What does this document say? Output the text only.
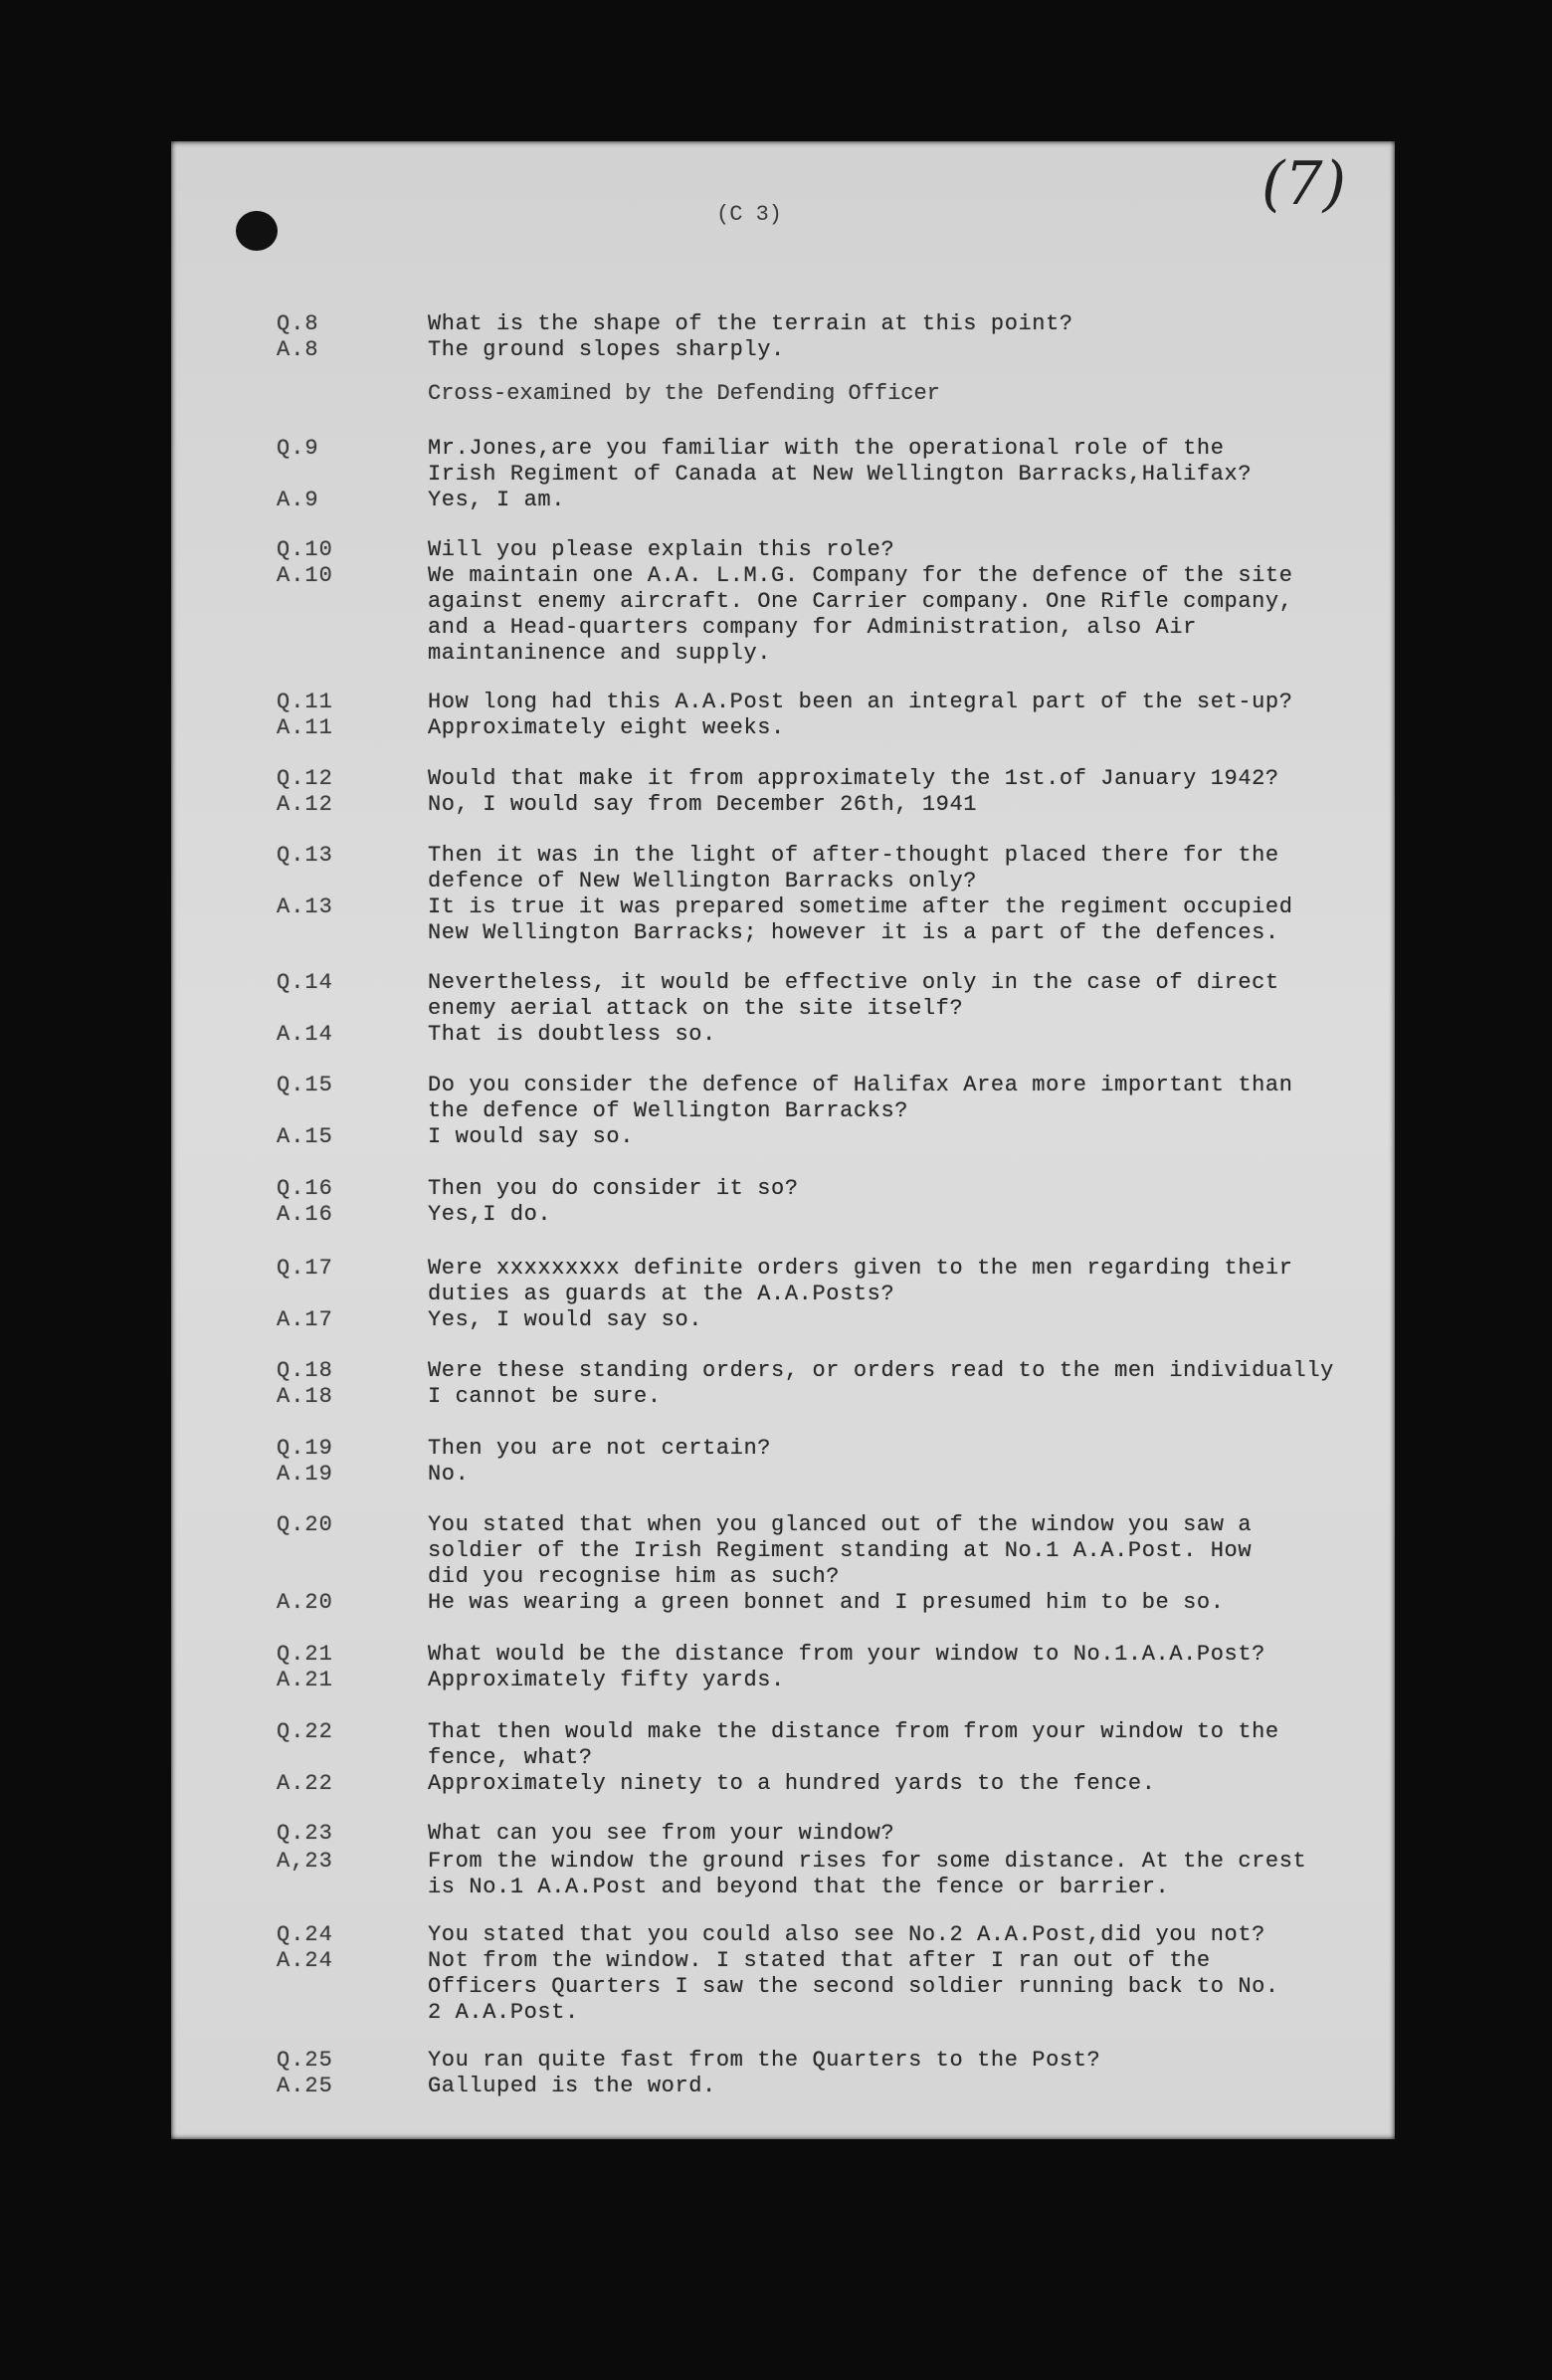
(C 3)	(7)
Q.8	What is the shape of the terrain at this point?
A.8	The ground slopes sharply.
Cross-examined by the Defending Officer
Q.9	Mr.Jones,are you familiar with the operational role of the
Irish Regiment of Canada at New Wellington Barracks,Halifax?
A.9	Yes, I am.
Q.10	Will you please explain this role?
A.10	We maintain one A.A. L.M.G. Company for the defence of the site
against enemy aircraft. One Carrier company. One Rifle company,
and a Head-quarters company for Administration, also Air
maintaninence and supply.
Q.11	How long had this A.A.Post been an integral part of the set-up?
A.11	Approximately eight weeks.
Q.12	Would that make it from approximately the 1st.of January 1942?
A.12	No, I would say from December 26th, 1941
Q.13	Then it was in the light of after-thought placed there for the
defence of New Wellington Barracks only?
A.13	It is true it was prepared sometime after the regiment occupied
New Wellington Barracks; however it is a part of the defences.
Q.14	Nevertheless, it would be effective only in the case of direct
enemy aerial attack on the site itself?
A.14	That is doubtless so.
Q.15	Do you consider the defence of Halifax Area more important than
the defence of Wellington Barracks?
A.15	I would say so.
Q.16	Then you do consider it so?
A.16	Yes,I do.
Q.17	Were xxxxxxxxx definite orders given to the men regarding their
duties as guards at the A.A.Posts?
A.17	Yes, I would say so.
Q.18	Were these standing orders, or orders read to the men individually
A.18	I cannot be sure.
Q.19	Then you are not certain?
A.19	No.
Q.20	You stated that when you glanced out of the window you saw a
soldier of the Irish Regiment standing at No.1 A.A.Post. How
did you recognise him as such?
A.20	He was wearing a green bonnet and I presumed him to be so.
Q.21	What would be the distance from your window to No.1.A.A.Post?
A.21	Approximately fifty yards.
Q.22	That then would make the distance from from your window to the
fence, what?
A.22	Approximately ninety to a hundred yards to the fence.
Q.23	What can you see from your window?
A,23	From the window the ground rises for some distance. At the crest
is No.1 A.A.Post and beyond that the fence or barrier.
Q.24	You stated that you could also see No.2 A.A.Post,did you not?
A.24	Not from the window. I stated that after I ran out of the
Officers Quarters I saw the second soldier running back to No.
2 A.A.Post.
Q.25	You ran quite fast from the Quarters to the Post?
A.25	Galluped is the word.
